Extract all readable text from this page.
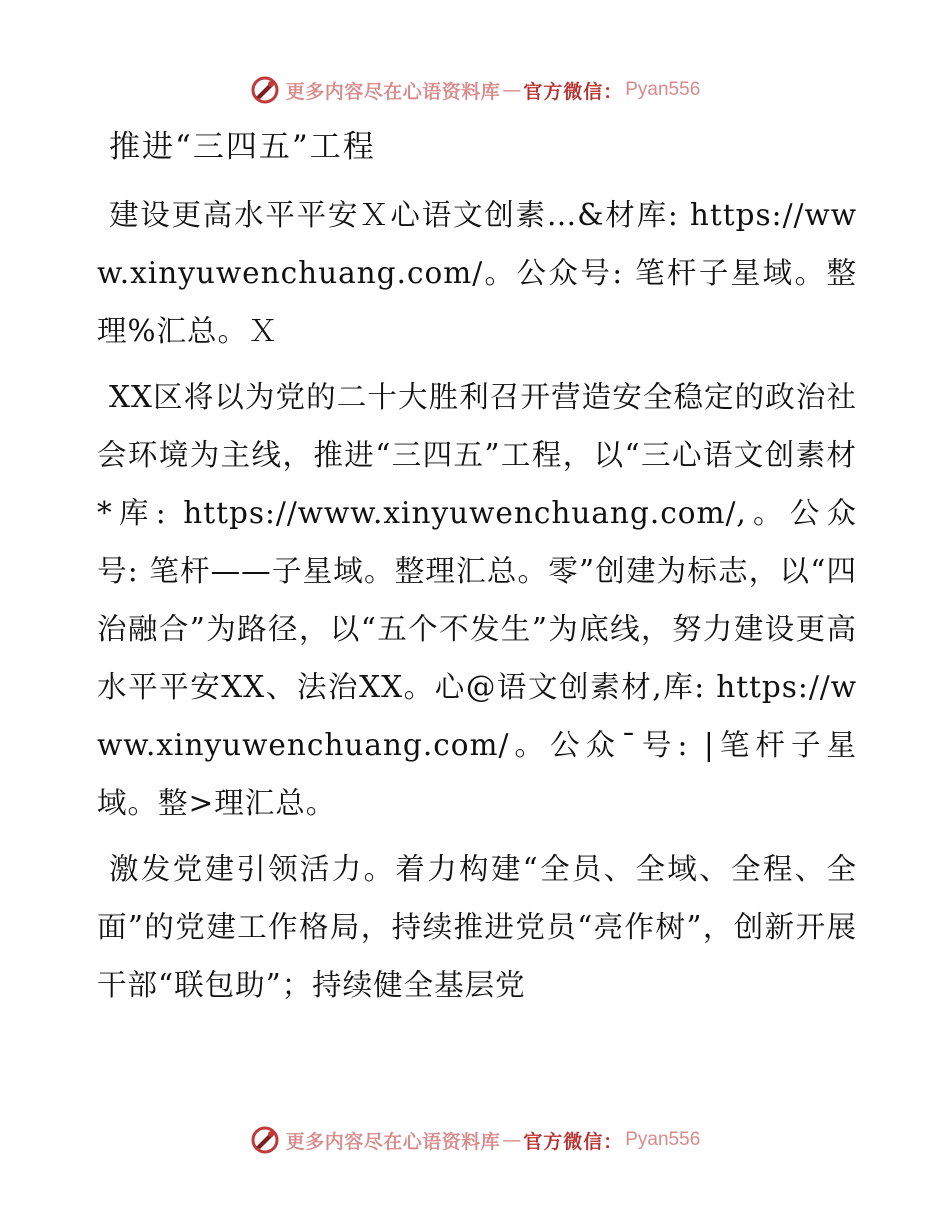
更多内容尽在心语资料库 — 官方微信： Pyan556
推进“三四五”工程
建设更高水平平安Ｘ心语文创素…&材库: https://www.xinyuwenchuang.com/。公众号: 笔杆子星域。整理%汇总。Ｘ
XX区将以为党的二十大胜利召开营造安全稳定的政治社会环境为主线，推进“三四五”工程，以“三心语文创素材*库: https://www.xinyuwenchuang.com/,。公众号: 笔杆——子星域。整理汇总。零”创建为标志，以“四治融合”为路径，以“五个不发生”为底线，努力建设更高水平平安XX、法治XX。心@语文创素材,库: https://www.xinyuwenchuang.com/。公众¯号: |笔杆子星域。整>理汇总。
激发党建引领活力。着力构建“全员、全域、全程、全面”的党建工作格局，持续推进党员“亮作树”，创新开展干部“联包助”；持续健全基层党
更多内容尽在心语资料库 — 官方微信： Pyan556
